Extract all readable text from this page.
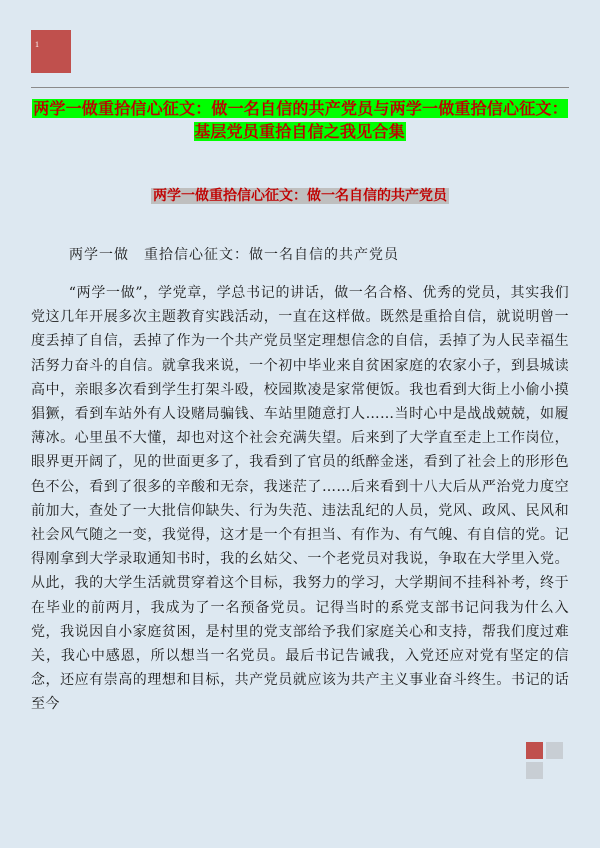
1
两学一做重拾信心征文：做一名自信的共产党员与两学一做重拾信心征文：基层党员重拾自信之我见合集
两学一做重拾信心征文：做一名自信的共产党员
两学一做　重拾信心征文：做一名自信的共产党员
“两学一做”，学党章，学总书记的讲话，做一名合格、优秀的党员，其实我们党这几年开展多次主题教育实践活动，一直在这样做。既然是重拾自信，就说明曾一度丢掉了自信，丢掉了作为一个共产党员坚定理想信念的自信，丢掉了为人民幸福生活努力奋斗的自信。就拿我来说，一个初中毕业来自贫困家庭的农家小子，到县城读高中，亲眼多次看到学生打架斗殴，校园欺凌是家常便饭。我也看到大街上小偷小摸猖獗，看到车站外有人设赌局骗钱、车站里随意打人……当时心中是战战兢兢，如履薄冰。心里虽不大懂，却也对这个社会充满失望。后来到了大学直至走上工作岗位，眼界更开阔了，见的世面更多了，我看到了官员的纸醉金迷，看到了社会上的形形色色不公，看到了很多的辛酸和无奈，我迷茫了……后来看到十八大后从严治党力度空前加大，查处了一大批信仰缺失、行为失范、违法乱纪的人员，党风、政风、民风和社会风气随之一变，我觉得，这才是一个有担当、有作为、有气魄、有自信的党。记得刚拿到大学录取通知书时，我的幺姑父、一个老党员对我说，争取在大学里入党。从此，我的大学生活就贯穿着这个目标，我努力的学习，大学期间不挂科补考，终于在毕业的前两月，我成为了一名预备党员。记得当时的系党支部书记问我为什么入党，我说因自小家庭贫困，是村里的党支部给予我们家庭关心和支持，帮我们度过难关，我心中感恩，所以想当一名党员。最后书记告诫我，入党还应对党有坚定的信念，还应有崇高的理想和目标，共产党员就应该为共产主义事业奋斗终生。书记的话至今
